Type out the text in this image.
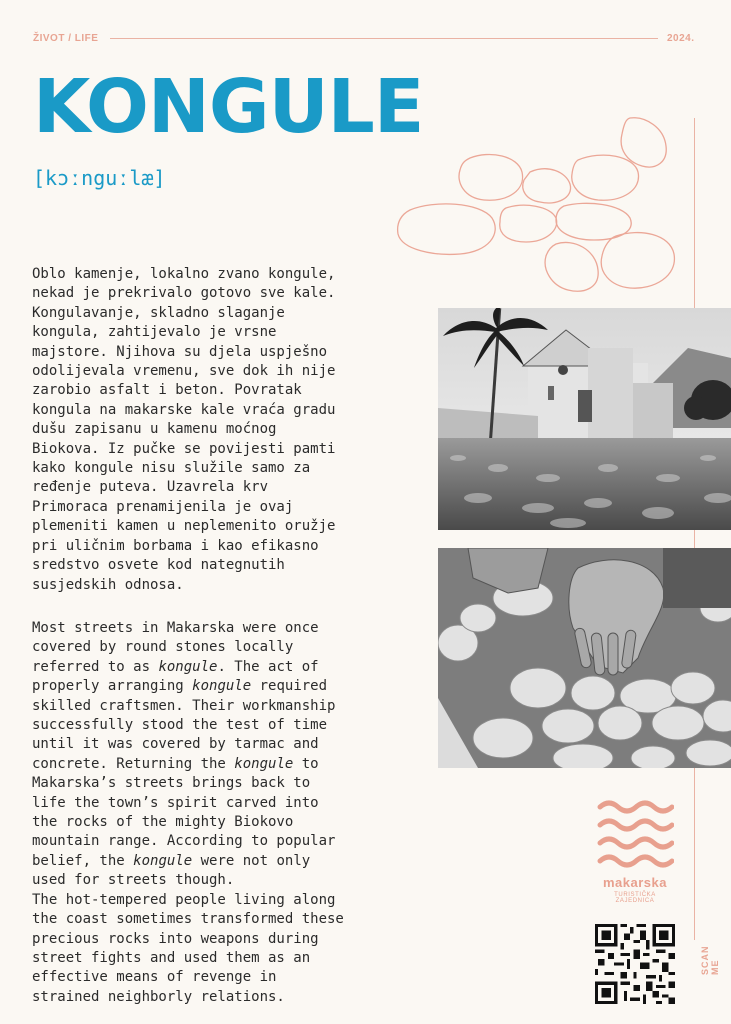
ŽIVOT / LIFE	2024.
KONGULE
[kɔːnguːlæ]

Oblo kamenje, lokalno zvano kongule,
nekad je prekrivalo gotovo sve kale.
Kongulavanje, skladno slaganje
kongula, zahtijevalo je vrsne
majstore. Njihova su djela uspješno
odolijevala vremenu, sve dok ih nije
zarobio asfalt i beton. Povratak
kongula na makarske kale vraća gradu
dušu zapisanu u kamenu moćnog
Biokova. Iz pučke se povijesti pamti
kako kongule nisu služile samo za
ređenje puteva. Uzavrela krv
Primoraca prenamijenila je ovaj
plemeniti kamen u neplemenito oružje
pri uličnim borbama i kao efikasno
sredstvo osvete kod nategnutih
susjedskih odnosa.

Most streets in Makarska were once
covered by round stones locally
referred to as kongule. The act of
properly arranging kongule required
skilled craftsmen. Their workmanship
successfully stood the test of time
until it was covered by tarmac and
concrete. Returning the kongule to
Makarska’s streets brings back to
life the town’s spirit carved into
the rocks of the mighty Biokovo
mountain range. According to popular
belief, the kongule were not only
used for streets though.
The hot-tempered people living along
the coast sometimes transformed these
precious rocks into weapons during
street fights and used them as an
effective means of revenge in
strained neighborly relations.

makarska
TURISTIČKA ZAJEDNICA
SCAN ME
